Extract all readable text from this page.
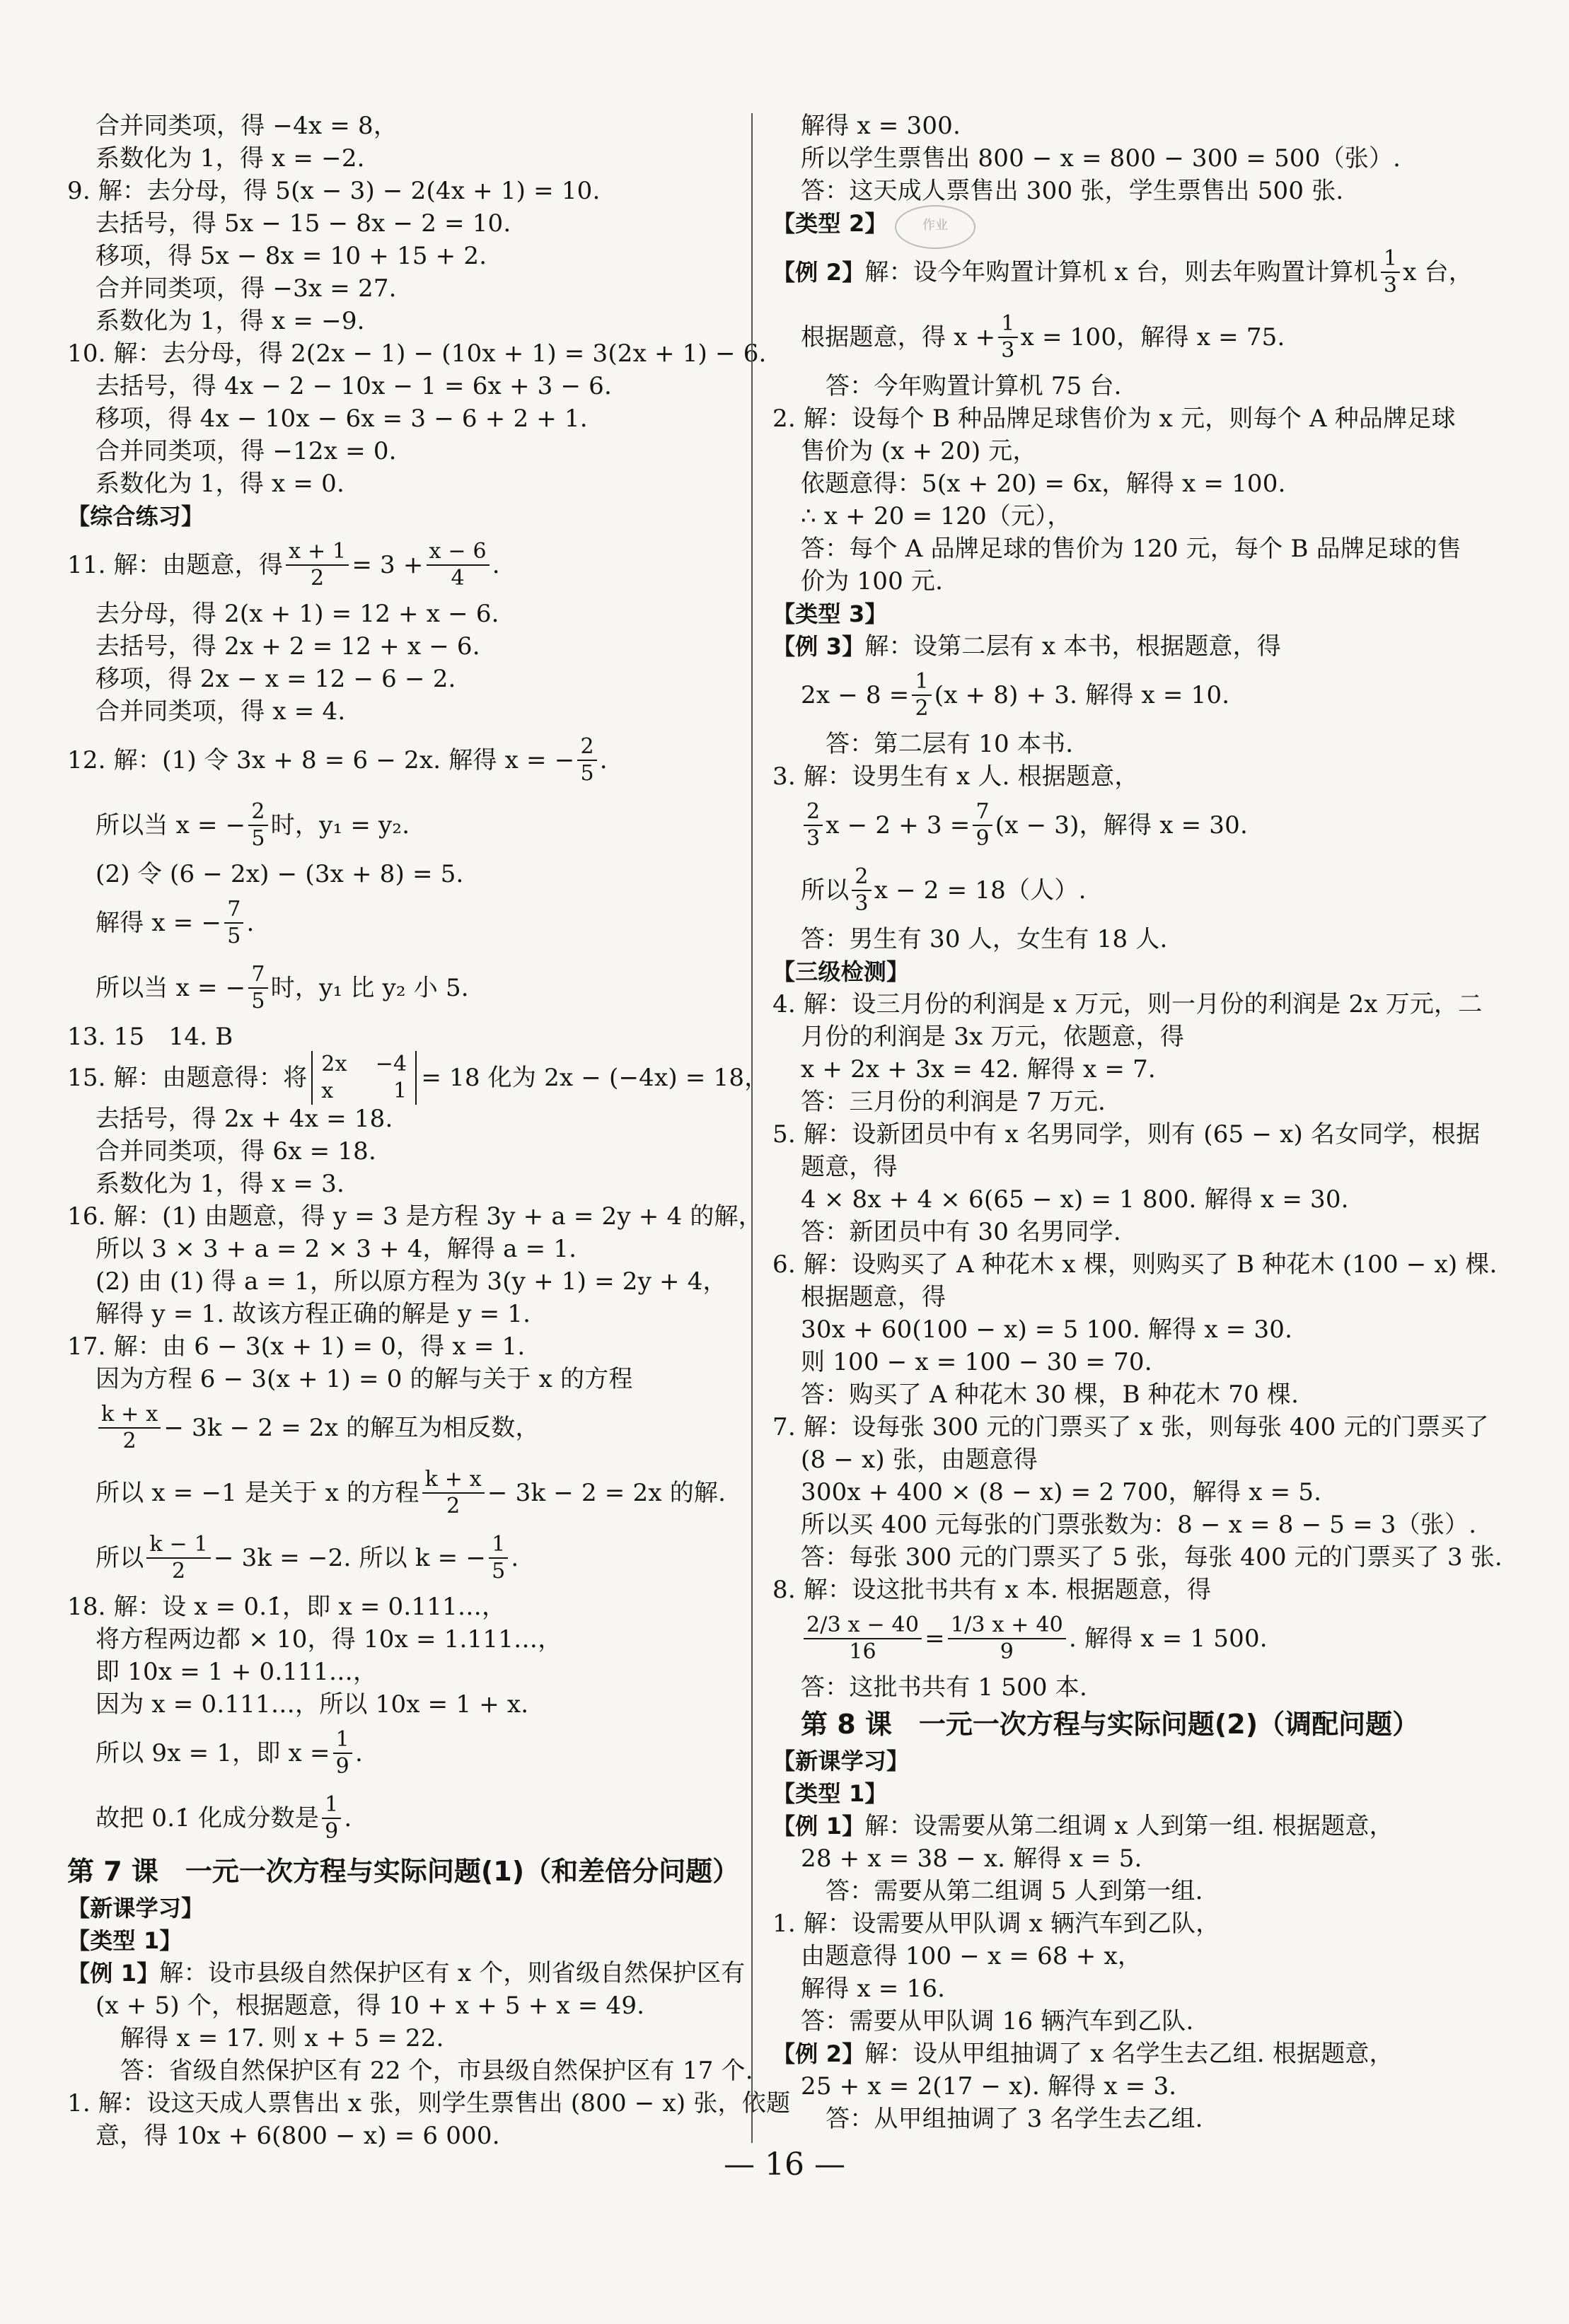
合并同类项，得 −4x = 8，
系数化为 1，得 x = −2.
9. 解：去分母，得 5(x − 3) − 2(4x + 1) = 10.
去括号，得 5x − 15 − 8x − 2 = 10.
移项，得 5x − 8x = 10 + 15 + 2.
合并同类项，得 −3x = 27.
系数化为 1，得 x = −9.
10. 解：去分母，得 2(2x − 1) − (10x + 1) = 3(2x + 1) − 6.
去括号，得 4x − 2 − 10x − 1 = 6x + 3 − 6.
移项，得 4x − 10x − 6x = 3 − 6 + 2 + 1.
合并同类项，得 −12x = 0.
系数化为 1，得 x = 0.
【综合练习】
11. 解：由题意，得 $\frac{x + 1}{2} = 3 + \frac{x - 6}{4}$ .
去分母，得 2(x + 1) = 12 + x − 6.
去括号，得 2x + 2 = 12 + x − 6.
移项，得 2x − x = 12 − 6 − 2.
合并同类项，得 x = 4.
12. 解：(1) 令 3x + 8 = 6 − 2x. 解得 x = − $\frac{2}{5}$ .
所以当 x = − $\frac{2}{5}$ 时，y₁ = y₂.
(2) 令 (6 − 2x) − (3x + 8) = 5.
解得 x = − $\frac{7}{5}$ .
所以当 x = − $\frac{7}{5}$ 时，y₁ 比 y₂ 小 5.
13. 15　14. B
15. 解：由题意得：将 2x −4
x	1 = 18 化为 2x − (−4x) = 18，
去括号，得 2x + 4x = 18.
合并同类项，得 6x = 18.
系数化为 1，得 x = 3.
16. 解：(1) 由题意，得 y = 3 是方程 3y + a = 2y + 4 的解，
所以 3 × 3 + a = 2 × 3 + 4，解得 a = 1.
(2) 由 (1) 得 a = 1，所以原方程为 3(y + 1) = 2y + 4，
解得 y = 1. 故该方程正确的解是 y = 1.
17. 解：由 6 − 3(x + 1) = 0，得 x = 1.
因为方程 6 − 3(x + 1) = 0 的解与关于 x 的方程
$\frac{k + x}{2} - 3k - 2 = 2x$ 的解互为相反数，
所以 x = −1 是关于 x 的方程 $\frac{k + x}{2} - 3k - 2 = 2x$ 的解.
所以 $\frac{k - 1}{2} - 3k = -2$. 所以 k = − $\frac{1}{5}$ .
18. 解：设 x = 0.1̇，即 x = 0.111…，
将方程两边都 × 10，得 10x = 1.111…，
即 10x = 1 + 0.111…，
因为 x = 0.111…，所以 10x = 1 + x.
所以 9x = 1，即 $x = \frac{1}{9}$ .
故把 0.1̇ 化成分数是 $\frac{1}{9}$ .
第 7 课　一元一次方程与实际问题(1)（和差倍分问题）
【新课学习】
【类型 1】
【例 1】解：设市县级自然保护区有 x 个，则省级自然保护区有
(x + 5) 个，根据题意，得 10 + x + 5 + x = 49.
解得 x = 17. 则 x + 5 = 22.
答：省级自然保护区有 22 个，市县级自然保护区有 17 个.
1. 解：设这天成人票售出 x 张，则学生票售出 (800 − x) 张，依题
意，得 10x + 6(800 − x) = 6 000.
作业
解得 x = 300.
所以学生票售出 800 − x = 800 − 300 = 500（张）.
答：这天成人票售出 300 张，学生票售出 500 张.
【类型 2】
【例 2】 解：设今年购置计算机 x 台，则去年购置计算机 $\frac{1}{3}$ x 台，
根据题意，得 $x + \frac{1}{3}$ x = 100，解得 x = 75.
答：今年购置计算机 75 台.
2. 解：设每个 B 种品牌足球售价为 x 元，则每个 A 种品牌足球
售价为 (x + 20) 元，
依题意得：5(x + 20) = 6x，解得 x = 100.
∴ x + 20 = 120（元），
答：每个 A 品牌足球的售价为 120 元，每个 B 品牌足球的售
价为 100 元.
【类型 3】
【例 3】解：设第二层有 x 本书，根据题意，得
$2x - 8 = \frac{1}{2} (x + 8) + 3$. 解得 x = 10.
答：第二层有 10 本书.
3. 解：设男生有 x 人. 根据题意，
$\frac{2}{3}$ $x - 2 + 3 = \frac{7}{9} (x - 3)$，解得 x = 30.
所以 $\frac{2}{3}$ x − 2 = 18（人）.
答：男生有 30 人，女生有 18 人.
【三级检测】
4. 解：设三月份的利润是 x 万元，则一月份的利润是 2x 万元，二
月份的利润是 3x 万元，依题意，得
x + 2x + 3x = 42. 解得 x = 7.
答：三月份的利润是 7 万元.
5. 解：设新团员中有 x 名男同学，则有 (65 − x) 名女同学，根据
题意，得
4 × 8x + 4 × 6(65 − x) = 1 800. 解得 x = 30.
答：新团员中有 30 名男同学.
6. 解：设购买了 A 种花木 x 棵，则购买了 B 种花木 (100 − x) 棵.
根据题意，得
30x + 60(100 − x) = 5 100. 解得 x = 30.
则 100 − x = 100 − 30 = 70.
答：购买了 A 种花木 30 棵，B 种花木 70 棵.
7. 解：设每张 300 元的门票买了 x 张，则每张 400 元的门票买了
(8 − x) 张，由题意得
300x + 400 × (8 − x) = 2 700，解得 x = 5.
所以买 400 元每张的门票张数为：8 − x = 8 − 5 = 3（张）.
答：每张 300 元的门票买了 5 张，每张 400 元的门票买了 3 张.
8. 解：设这批书共有 x 本. 根据题意，得
$\frac{2/3 x - 40}{16} = \frac{1/3 x + 40}{9}$ . 解得 x = 1 500.
答：这批书共有 1 500 本.
第 8 课　一元一次方程与实际问题(2)（调配问题）
【新课学习】
【类型 1】
【例 1】解：设需要从第二组调 x 人到第一组. 根据题意，
28 + x = 38 − x. 解得 x = 5.
答：需要从第二组调 5 人到第一组.
1. 解：设需要从甲队调 x 辆汽车到乙队，
由题意得 100 − x = 68 + x，
解得 x = 16.
答：需要从甲队调 16 辆汽车到乙队.
【例 2】解：设从甲组抽调了 x 名学生去乙组. 根据题意，
25 + x = 2(17 − x). 解得 x = 3.
答：从甲组抽调了 3 名学生去乙组.
— 16 —
